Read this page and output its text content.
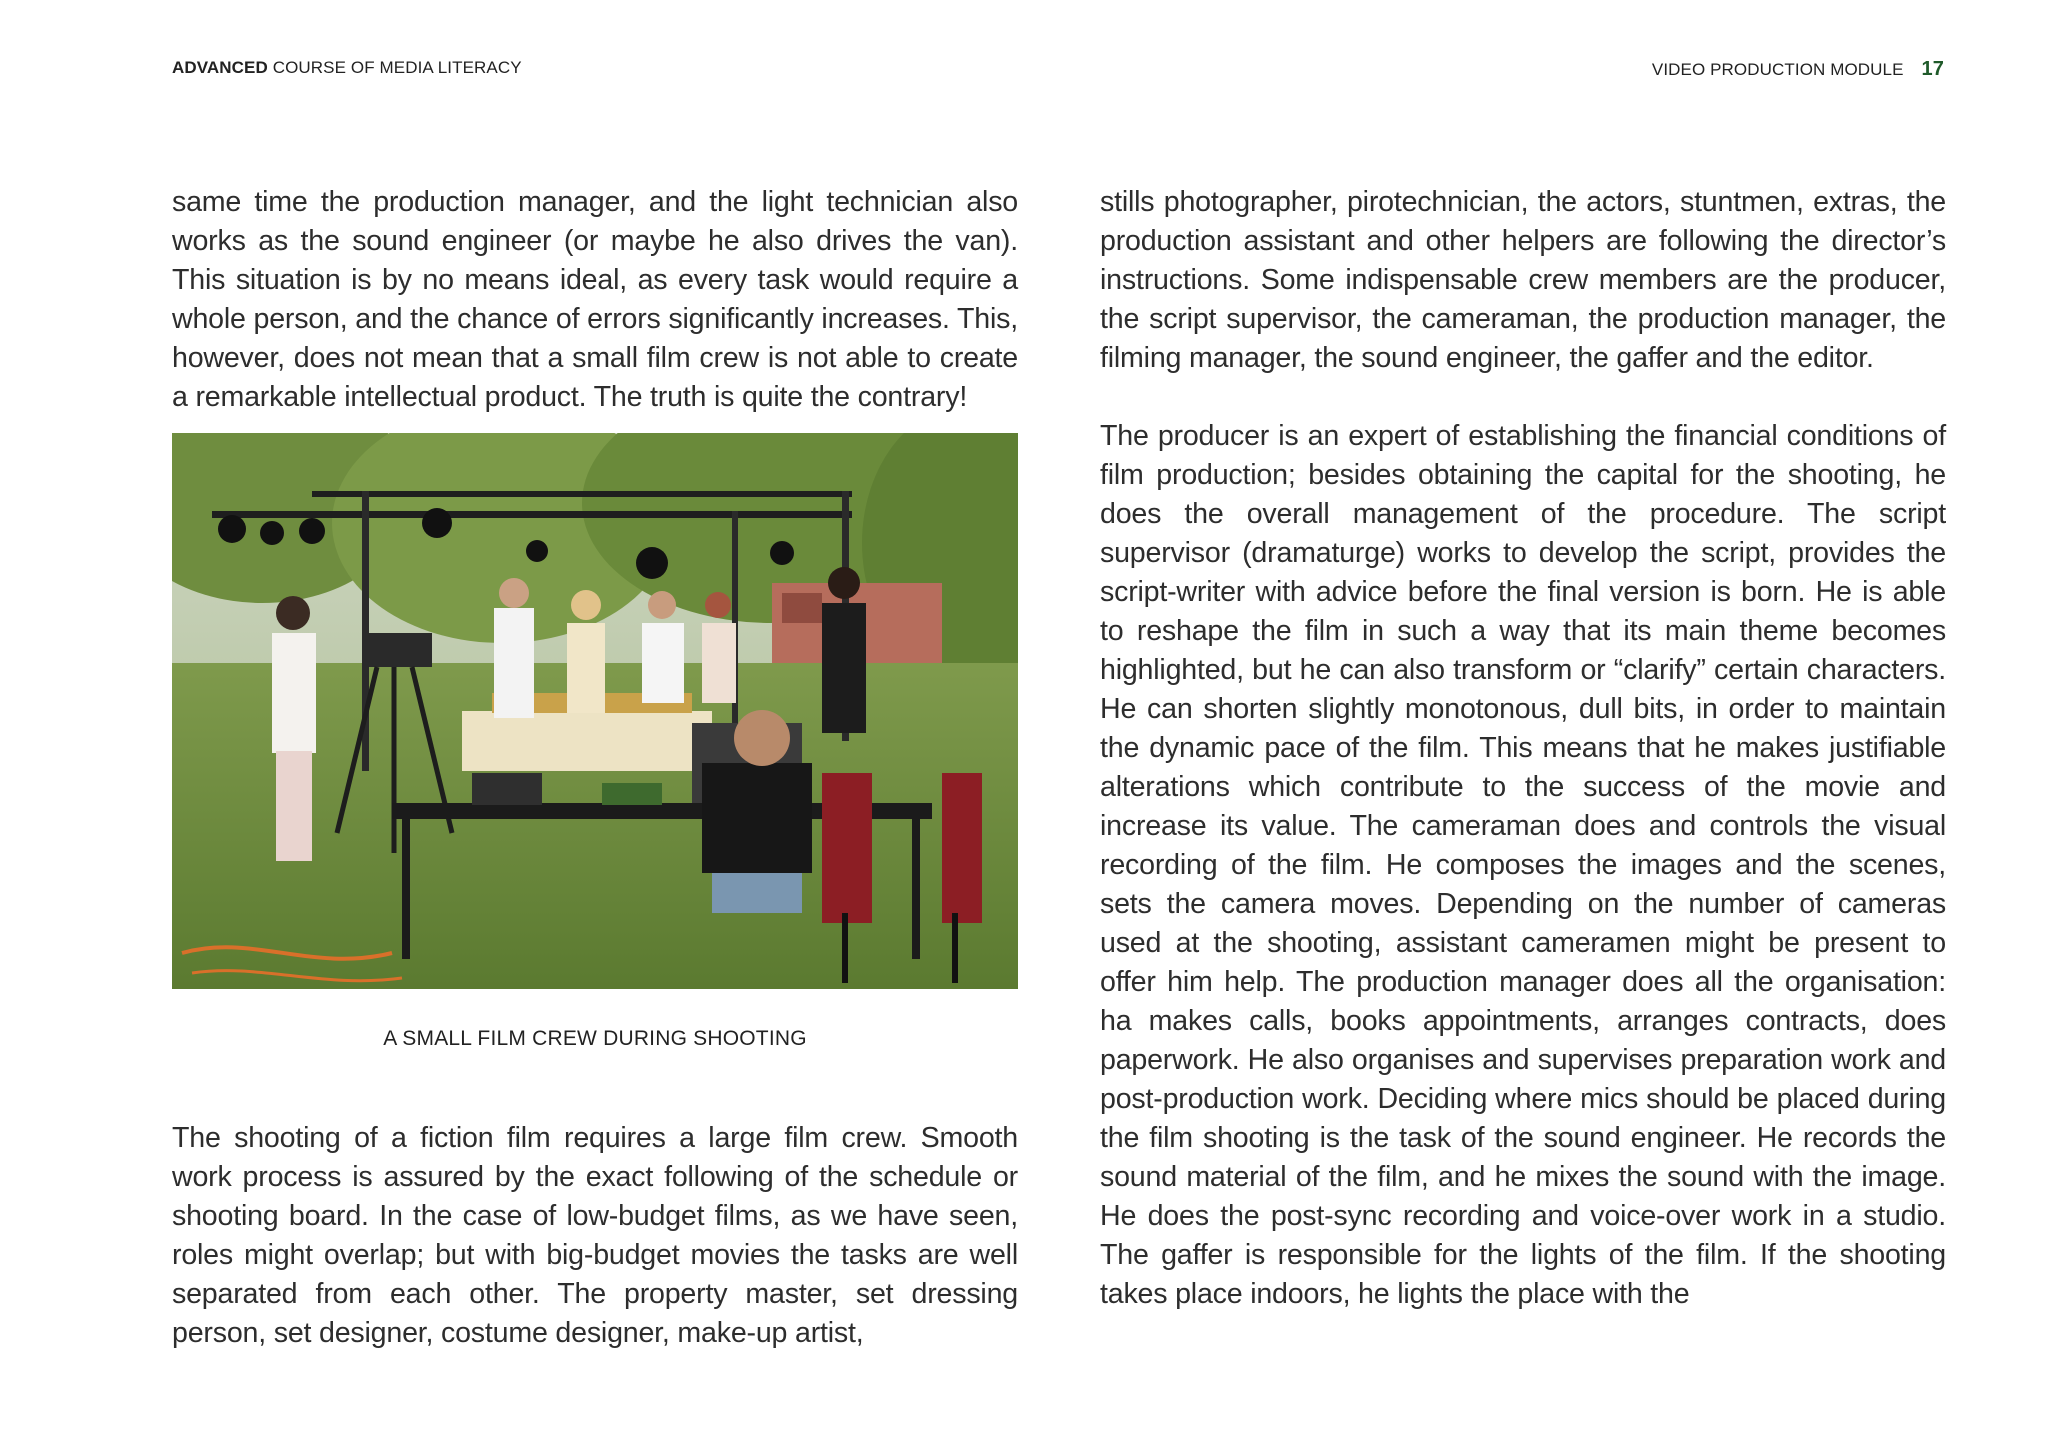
ADVANCED COURSE OF MEDIA LITERACY	VIDEO PRODUCTION MODULE 17

same time the production manager, and the light technician also works as the sound engineer (or maybe he also drives the van). This situation is by no means ideal, as every task would require a whole person, and the chance of errors significantly increases. This, however, does not mean that a small film crew is not able to create a remarkable intellectual product. The truth is quite the contrary!

A SMALL FILM CREW DURING SHOOTING

The shooting of a fiction film requires a large film crew. Smooth work process is assured by the exact following of the schedule or shooting board. In the case of low-budget films, as we have seen, roles might overlap; but with big-budget movies the tasks are well separated from each other. The property master, set dressing person, set designer, costume designer, make-up artist,

stills photographer, pirotechnician, the actors, stuntmen, extras, the production assistant and other helpers are following the director’s instructions. Some indispensable crew members are the producer, the script supervisor, the cameraman, the production manager, the filming manager, the sound engineer, the gaffer and the editor.

The producer is an expert of establishing the financial conditions of film production; besides obtaining the capital for the shooting, he does the overall management of the procedure. The script supervisor (dramaturge) works to develop the script, provides the script-writer with advice before the final version is born. He is able to reshape the film in such a way that its main theme becomes highlighted, but he can also transform or “clarify” certain characters. He can shorten slightly monotonous, dull bits, in order to maintain the dynamic pace of the film. This means that he makes justifiable alterations which contribute to the success of the movie and increase its value. The cameraman does and controls the visual recording of the film. He composes the images and the scenes, sets the camera moves. Depending on the number of cameras used at the shooting, assistant cameramen might be present to offer him help. The production manager does all the organisation: ha makes calls, books appointments, arranges contracts, does paperwork. He also organises and supervises preparation work and post-production work. Deciding where mics should be placed during the film shooting is the task of the sound engineer. He records the sound material of the film, and he mixes the sound with the image. He does the post-sync recording and voice-over work in a studio. The gaffer is responsible for the lights of the film. If the shooting takes place indoors, he lights the place with the
